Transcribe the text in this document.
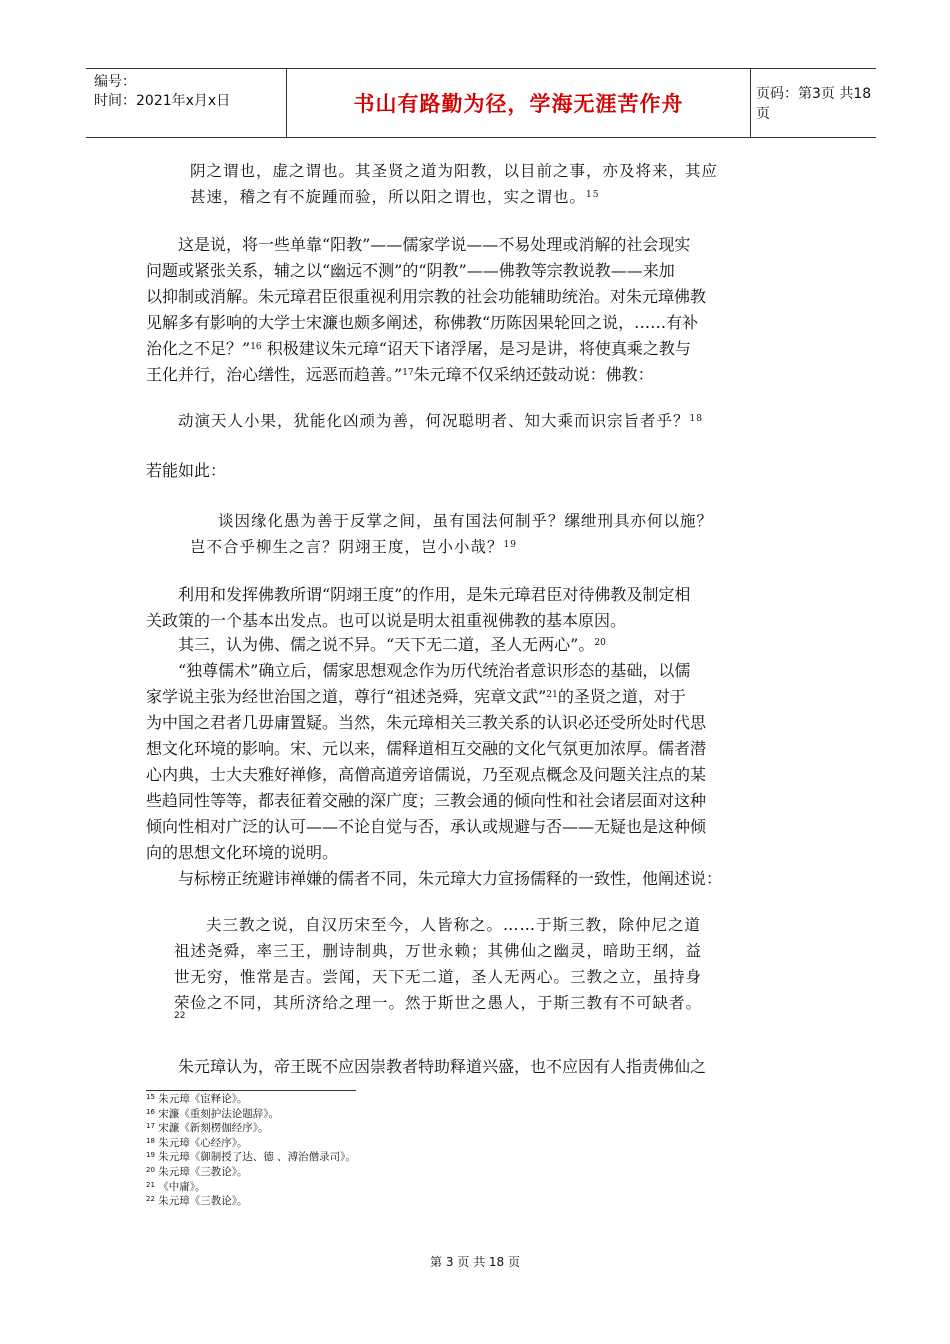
编号：
时间：2021年x月x日	书山有路勤为径，学海无涯苦作舟	页码：第3页 共18页
阴之谓也，虚之谓也。其圣贤之道为阳教，以目前之事，亦及将来，其应
甚速，稽之有不旋踵而验，所以阳之谓也，实之谓也。$^{15}$
这是说，将一些单靠“阳教”——儒家学说——不易处理或消解的社会现实
问题或紧张关系，辅之以“幽远不测”的“阴教”——佛教等宗教说教——来加
以抑制或消解。朱元璋君臣很重视利用宗教的社会功能辅助统治。对朱元璋佛教
见解多有影响的大学士宋濂也颇多阐述，称佛教“历陈因果轮回之说，……有补
治化之不足？”$^{16}$ 积极建议朱元璋“诏天下诸浮屠，是习是讲，将使真乘之教与
王化并行，治心缮性，远恶而趋善。”$^{17}$朱元璋不仅采纳还鼓动说：佛教：
动演天人小果，犹能化凶顽为善，何况聪明者、知大乘而识宗旨者乎？$^{18}$
若能如此：
谈因缘化愚为善于反掌之间，虽有国法何制乎？缧绁刑具亦何以施？
岂不合乎柳生之言？阴翊王度，岂小小哉？$^{19}$
利用和发挥佛教所谓“阴翊王度”的作用，是朱元璋君臣对待佛教及制定相
关政策的一个基本出发点。也可以说是明太祖重视佛教的基本原因。
其三，认为佛、儒之说不异。“天下无二道，圣人无两心”。$^{20}$
“独尊儒术”确立后，儒家思想观念作为历代统治者意识形态的基础，以儒
家学说主张为经世治国之道，尊行“祖述尧舜，宪章文武”$^{21}$的圣贤之道，对于
为中国之君者几毋庸置疑。当然，朱元璋相关三教关系的认识必还受所处时代思
想文化环境的影响。宋、元以来，儒释道相互交融的文化气氛更加浓厚。儒者潜
心内典，士大夫雅好禅修，高僧高道旁谙儒说，乃至观点概念及问题关注点的某
些趋同性等等，都表征着交融的深广度；三教会通的倾向性和社会诸层面对这种
倾向性相对广泛的认可——不论自觉与否，承认或规避与否——无疑也是这种倾
向的思想文化环境的说明。
与标榜正统避讳禅嫌的儒者不同，朱元璋大力宣扬儒释的一致性，他阐述说：
夫三教之说，自汉历宋至今，人皆称之。……于斯三教，除仲尼之道
祖述尧舜，率三王，删诗制典，万世永赖；其佛仙之幽灵，暗助王纲，益
世无穷，惟常是吉。尝闻，天下无二道，圣人无两心。三教之立，虽持身
荣俭之不同，其所济给之理一。然于斯世之愚人，于斯三教有不可缺者。
22
朱元璋认为，帝王既不应因崇教者特助释道兴盛，也不应因有人指责佛仙之
$^{15}$ 朱元璋《宦释论》。
$^{16}$ 宋濂《重刻护法论题辞》。
$^{17}$ 宋濂《新刻楞伽经序》。
$^{18}$ 朱元璋《心经序》。
$^{19}$ 朱元璋《御制授了达、德 、溥治僧录司》。
$^{20}$ 朱元璋《三教论》。
$^{21}$ 《中庸》。
$^{22}$ 朱元璋《三教论》。
第 3 页 共 18 页
